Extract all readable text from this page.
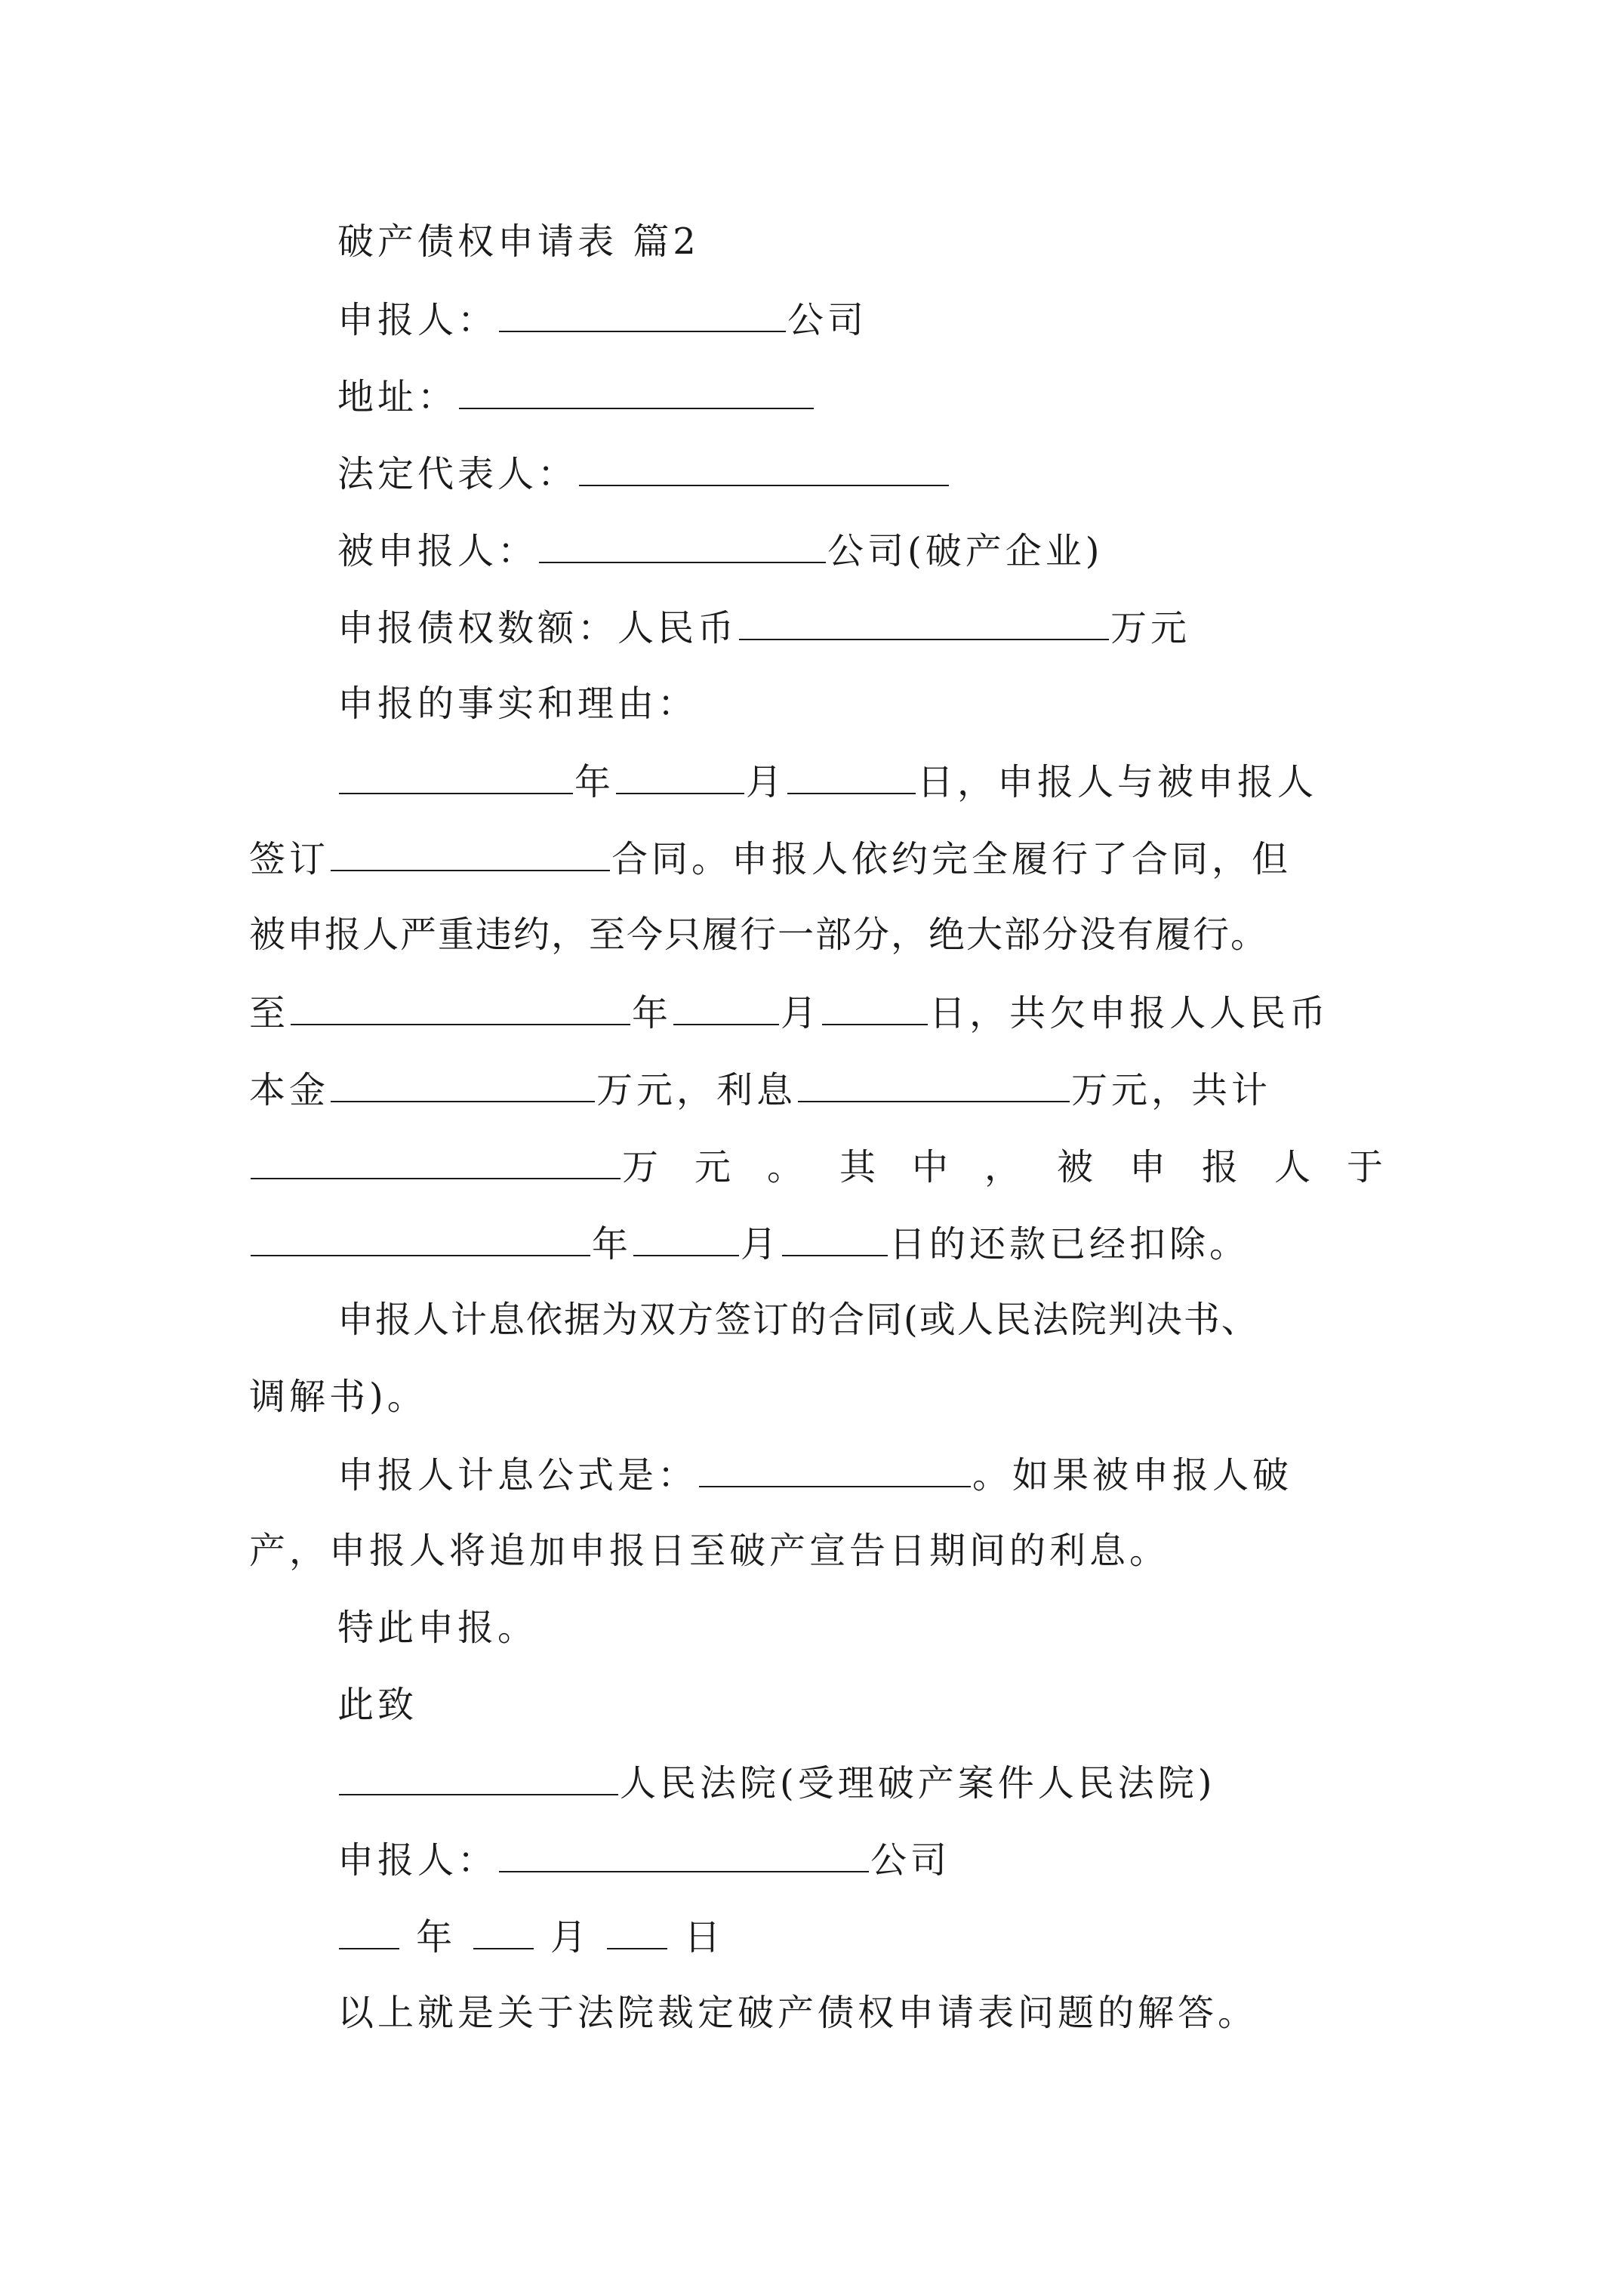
破产债权申请表 篇2
申报人：	公司
地址：
法定代表人：
被申报人：	公司(破产企业)
申报债权数额：人民币	万元
申报的事实和理由：
年	月	日，申报人与被申报人
签订	合同。申报人依约完全履行了合同，但
被申报人严重违约，至今只履行一部分，绝大部分没有履行。
至	年	月	日，共欠申报人人民币
本金	万元，利息	万元，共计
万元。其中，被申报人于
年	月	日的还款已经扣除。
申报人计息依据为双方签订的合同(或人民法院判决书、
调解书)。
申报人计息公式是：	。如果被申报人破
产，申报人将追加申报日至破产宣告日期间的利息。
特此申报。
此致
人民法院(受理破产案件人民法院)
申报人：	公司
年	月	日
以上就是关于法院裁定破产债权申请表问题的解答。
